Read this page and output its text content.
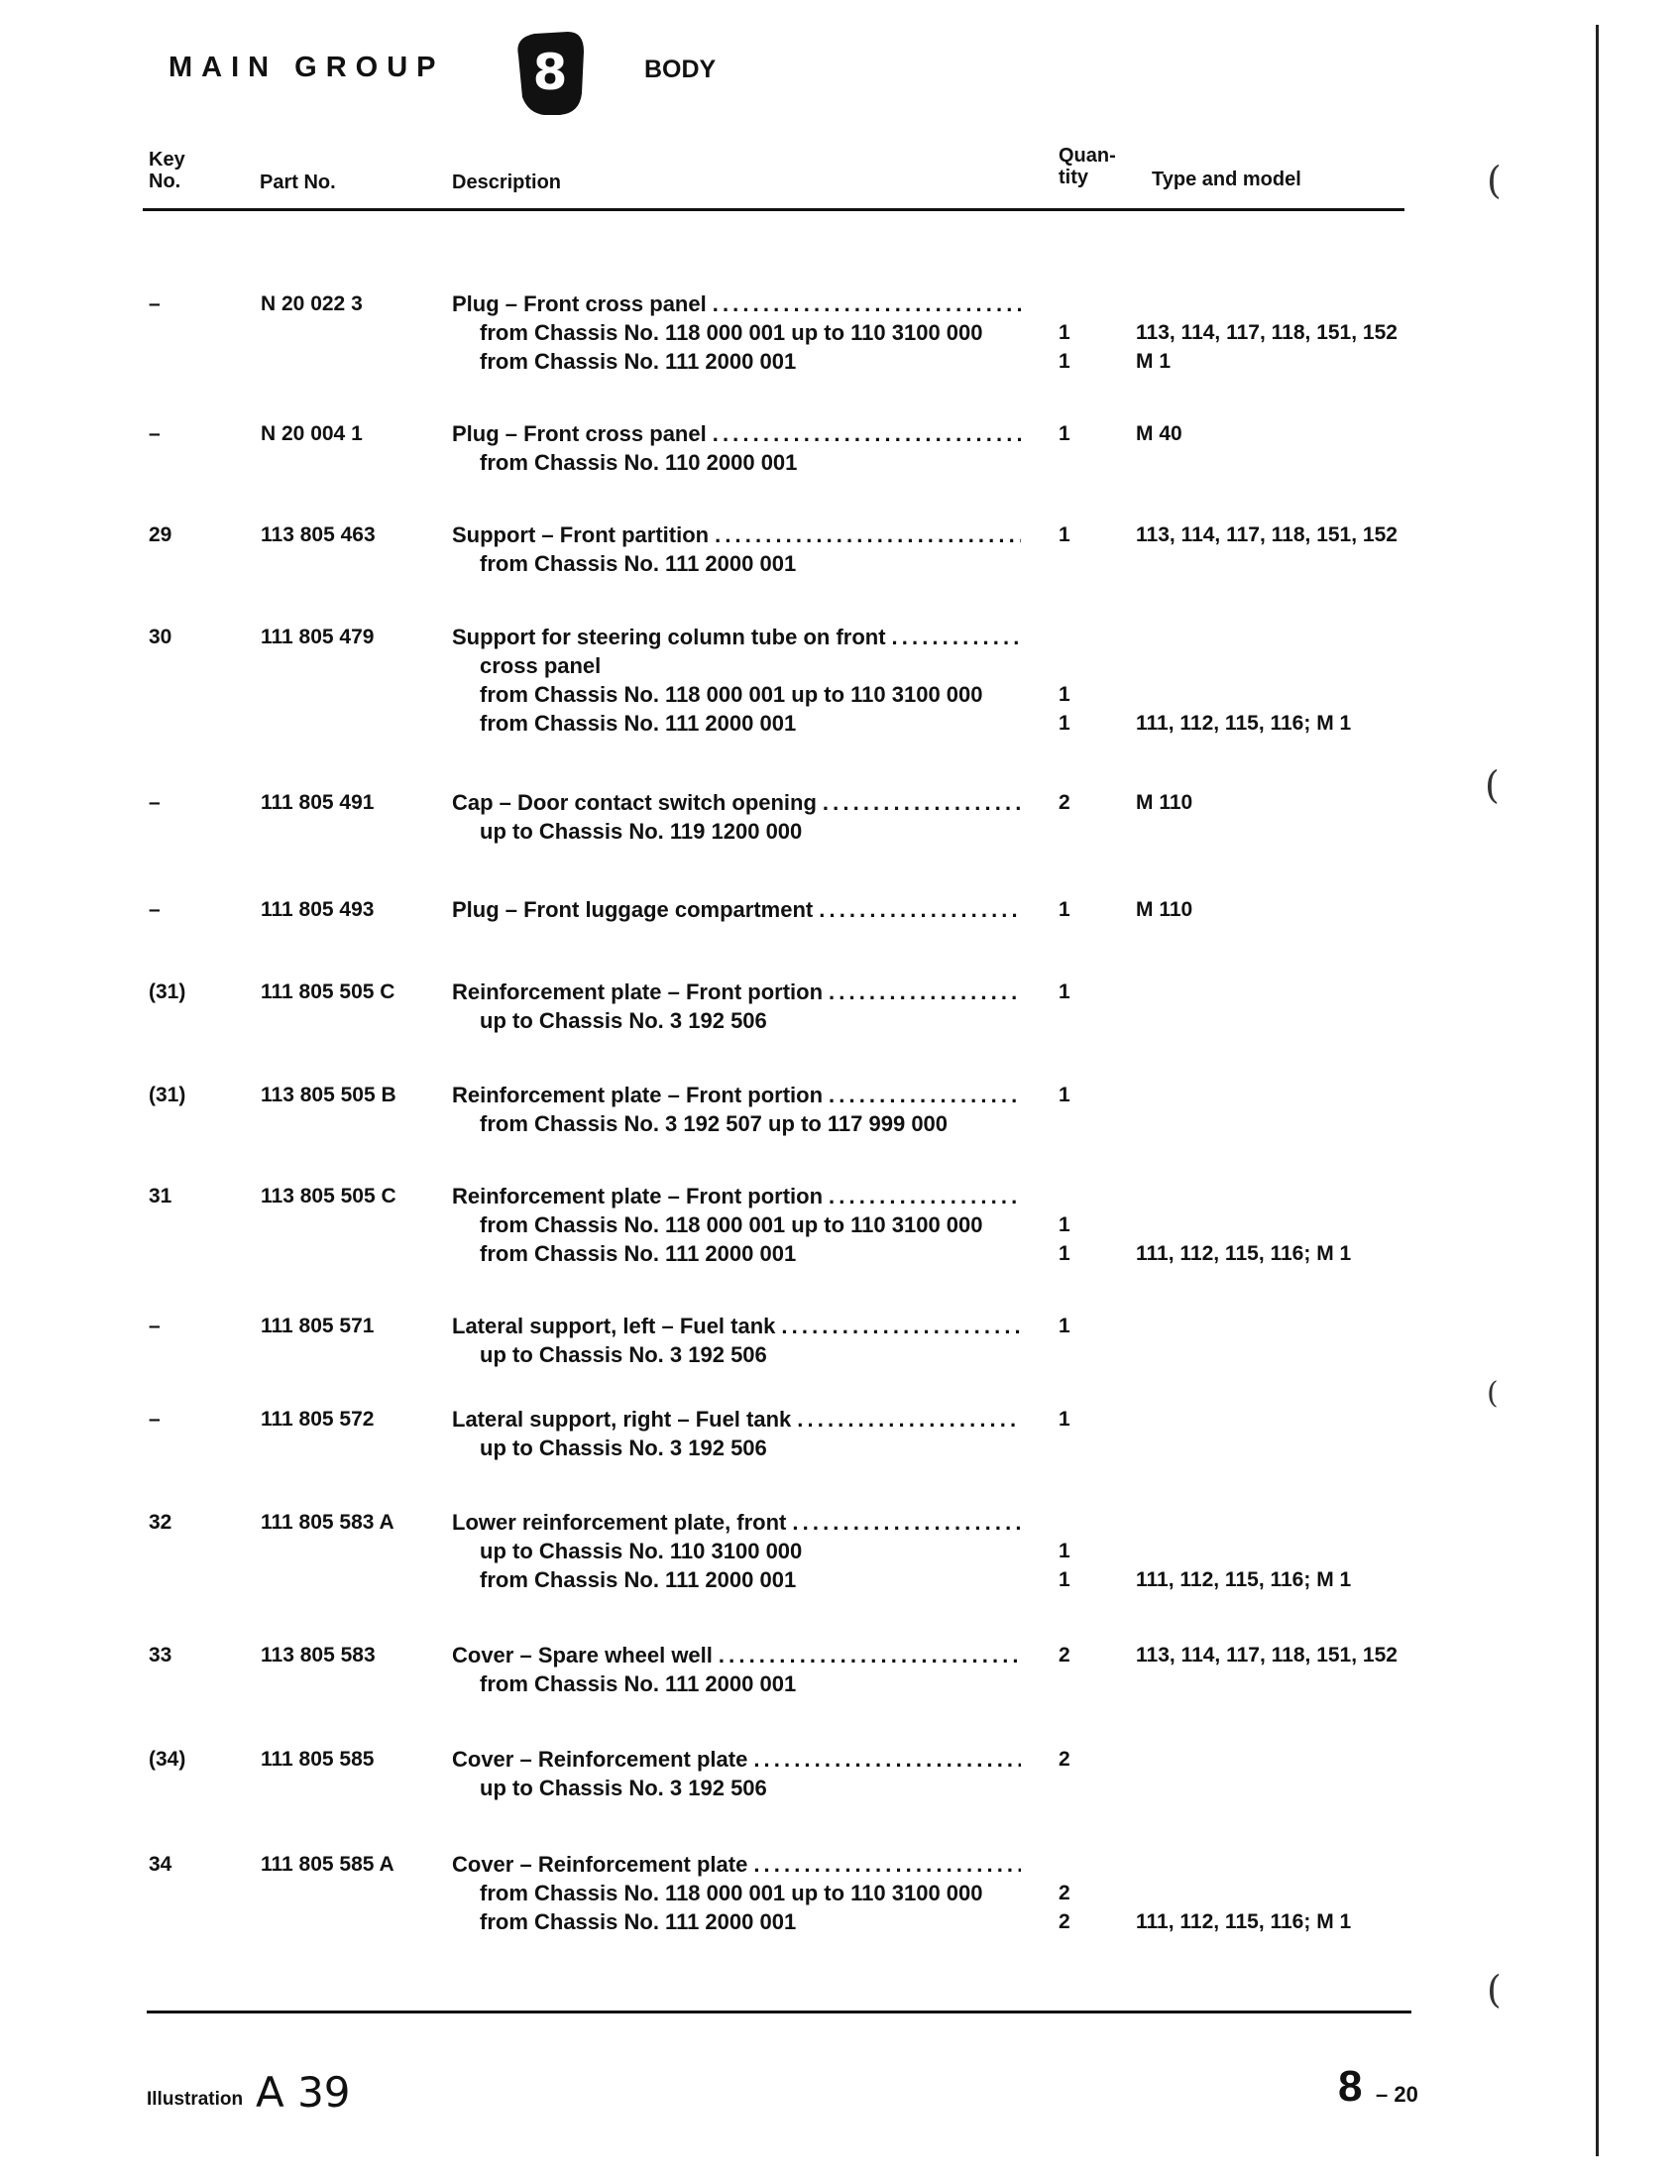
MAIN GROUP 8	BODY
Key
No.	Part No.	Description
Quan-
tity	Type and model
–	N 20 022 3	Plug – Front cross panel
. . .
from Chassis No. 118 000 001 up to 110 3100 000
from Chassis No. 111 2000 001
1
1
113, 114, 117, 118, 151, 152
M 1
–	N 20 004 1	Plug – Front cross panel
. . .
from Chassis No. 110 2000 001
1	M 40
29	113 805 463	Support – Front partition
. . .
from Chassis No. 111 2000 001
1	113, 114, 117, 118, 151, 152
30	111 805 479	Support for steering column tube on front
. . .
cross panel
from Chassis No. 118 000 001 up to 110 3100 000
from Chassis No. 111 2000 001
1
1	111, 112, 115, 116; M 1
–	111 805 491	Cap – Door contact switch opening
. . .
up to Chassis No. 119 1200 000
2	M 110
–	111 805 493	Plug – Front luggage compartment
. . .	1	M 110
(31)	111 805 505 C	Reinforcement plate – Front portion
. . .
up to Chassis No. 3 192 506
1
(31)	113 805 505 B	Reinforcement plate – Front portion
. . .
from Chassis No. 3 192 507 up to 117 999 000
1
31	113 805 505 C	Reinforcement plate – Front portion
. . .
from Chassis No. 118 000 001 up to 110 3100 000
from Chassis No. 111 2000 001
1
1	111, 112, 115, 116; M 1
–	111 805 571	Lateral support, left – Fuel tank
. . .
up to Chassis No. 3 192 506
1
–	111 805 572	Lateral support, right – Fuel tank
. . .
up to Chassis No. 3 192 506
1
32	111 805 583 A	Lower reinforcement plate, front
. . .
up to Chassis No. 110 3100 000
from Chassis No. 111 2000 001
1
1	111, 112, 115, 116; M 1
33	113 805 583	Cover – Spare wheel well
. . .
from Chassis No. 111 2000 001
2	113, 114, 117, 118, 151, 152
(34)	111 805 585	Cover – Reinforcement plate
. . .
up to Chassis No. 3 192 506
2
34	111 805 585 A	Cover – Reinforcement plate
. . .
from Chassis No. 118 000 001 up to 110 3100 000
from Chassis No. 111 2000 001
2
2	111, 112, 115, 116; M 1
Illustration A 39	8 – 20
(
(
(
(
